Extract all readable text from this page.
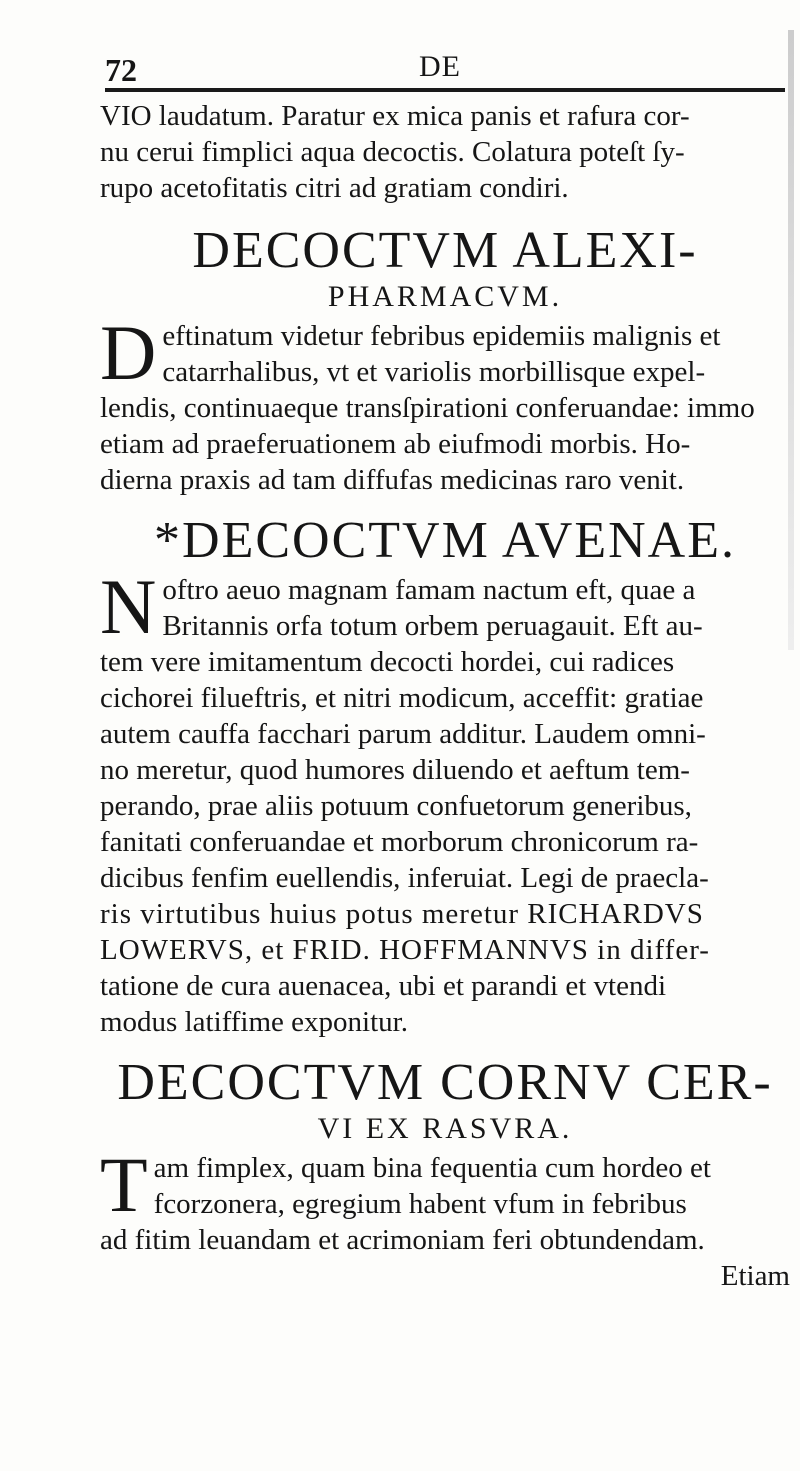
72	DE

VIO laudatum. Paratur ex mica panis et rafura cor-
nu cerui fimplici aqua decoctis. Colatura poteſt ſy-
rupo acetofitatis citri ad gratiam condiri.

DECOCTVM ALEXI-
PHARMACVM.

D eftinatum videtur febribus epidemiis malignis et
catarrhalibus, vt et variolis morbillisque expel-
lendis, continuaeque transſpirationi conferuandae: immo
etiam ad praeferuationem ab eiufmodi morbis. Ho-
dierna praxis ad tam diffufas medicinas raro venit.

*DECOCTVM AVENAE.

N oftro aeuo magnam famam nactum eft, quae a
Britannis orfa totum orbem peruagauit. Eft au-
tem vere imitamentum decocti hordei, cui radices
cichorei filueftris, et nitri modicum, acceffit: gratiae
autem cauffa facchari parum additur. Laudem omni-
no meretur, quod humores diluendo et aeftum tem-
perando, prae aliis potuum confuetorum generibus,
fanitati conferuandae et morborum chronicorum ra-
dicibus fenfim euellendis, inferuiat. Legi de praecla-
ris virtutibus huius potus meretur RICHARDVS
LOWERVS, et FRID. HOFFMANNVS in differ-
tatione de cura auenacea, ubi et parandi et vtendi
modus latiffime exponitur.

DECOCTVM CORNV CER-
VI EX RASVRA.

T am fimplex, quam bina fequentia cum hordeo et
fcorzonera, egregium habent vfum in febribus
ad fitim leuandam et acrimoniam feri obtundendam.

Etiam
